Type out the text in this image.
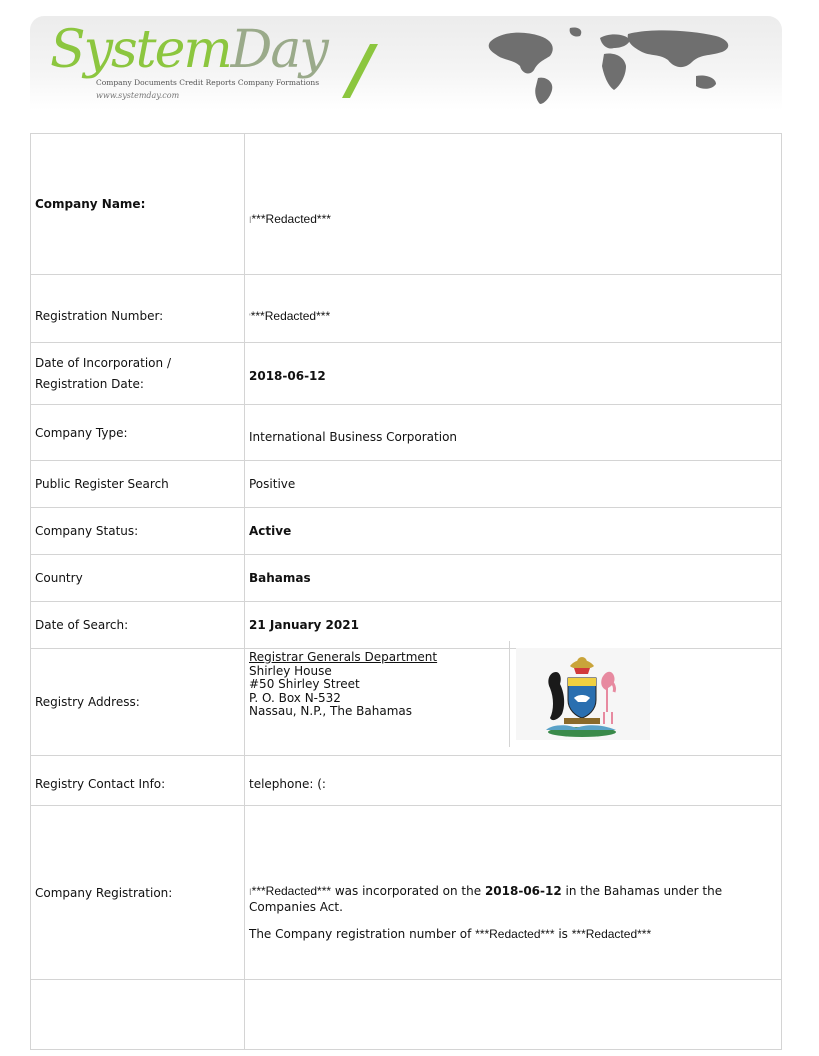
SystemDay
Company Documents Credit Reports Company Formations
www.systemday.com
Company Name:	I***Redacted***
Registration Number:	'***Redacted***

Date of Incorporation /
Registration Date:	2018-06-12
Company Type:	International Business Corporation
Public Register Search	Positive
Company Status:	Active
Country	Bahamas
Date of Search:	21 January 2021
Registry Address:	Registrar Generals Department
Shirley House
#50 Shirley Street
P. O. Box N-532
Nassau, N.P., The Bahamas

Registry Contact Info:	telephone: (:
Company Registration:	I***Redacted*** was incorporated on the 2018-06-12 in the Bahamas under the Companies Act.

The Company registration number of ***Redacted*** is ***Redacted***
